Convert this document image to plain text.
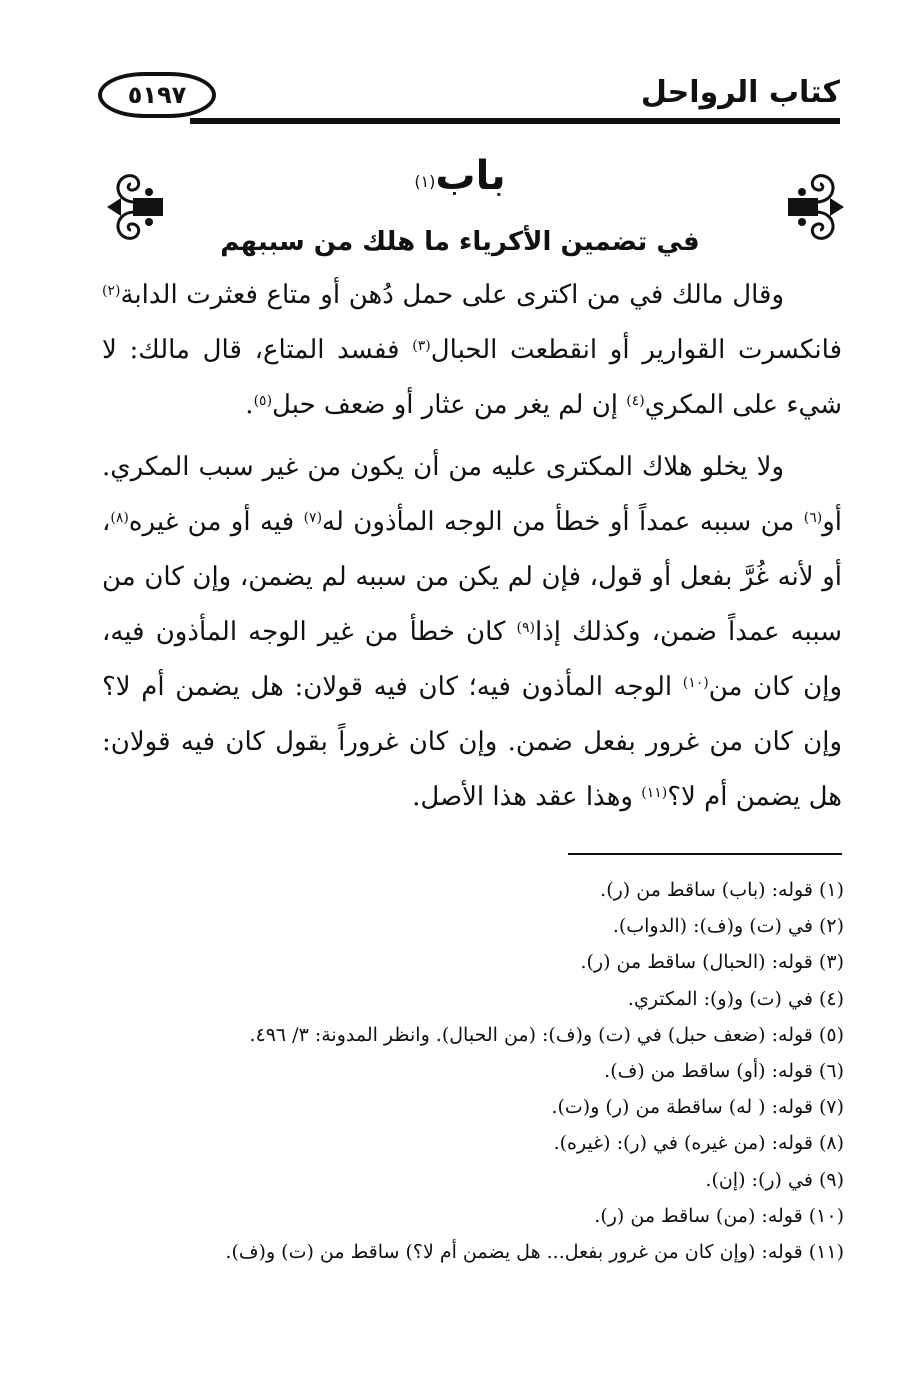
كتاب الرواحل
٥١٩٧
باب$^{(١)}$
في تضمين الأكرياء ما هلك من سببهم

وقال مالك في من اكترى على حمل دُهن أو متاع فعثرت الدابة$^{(٢)}$ فانكسرت القوارير أو انقطعت الحبال$^{(٣)}$ ففسد المتاع، قال مالك: لا شيء على المكري$^{(٤)}$ إن لم يغر من عثار أو ضعف حبل$^{(٥)}$.

ولا يخلو هلاك المكترى عليه من أن يكون من غير سبب المكري. أو$^{(٦)}$ من سببه عمداً أو خطأ من الوجه المأذون له$^{(٧)}$ فيه أو من غيره$^{(٨)}$، أو لأنه غُرَّ بفعل أو قول، فإن لم يكن من سببه لم يضمن، وإن كان من سببه عمداً ضمن، وكذلك إذا$^{(٩)}$ كان خطأ من غير الوجه المأذون فيه، وإن كان من$^{(١٠)}$ الوجه المأذون فيه؛ كان فيه قولان: هل يضمن أم لا؟ وإن كان من غرور بفعل ضمن. وإن كان غروراً بقول كان فيه قولان: هل يضمن أم لا؟$^{(١١)}$ وهذا عقد هذا الأصل.

(١) قوله: (باب) ساقط من (ر).
(٢) في (ت) و(ف): (الدواب).
(٣) قوله: (الحبال) ساقط من (ر).
(٤) في (ت) و(و): المكتري.
(٥) قوله: (ضعف حبل) في (ت) و(ف): (من الحبال). وانظر المدونة: ٣/ ٤٩٦.
(٦) قوله: (أو) ساقط من (ف).
(٧) قوله: ( له) ساقطة من (ر) و(ت).
(٨) قوله: (من غيره) في (ر): (غيره).
(٩) في (ر): (إن).
(١٠) قوله: (من) ساقط من (ر).
(١١) قوله: (وإن كان من غرور بفعل... هل يضمن أم لا؟) ساقط من (ت) و(ف).
